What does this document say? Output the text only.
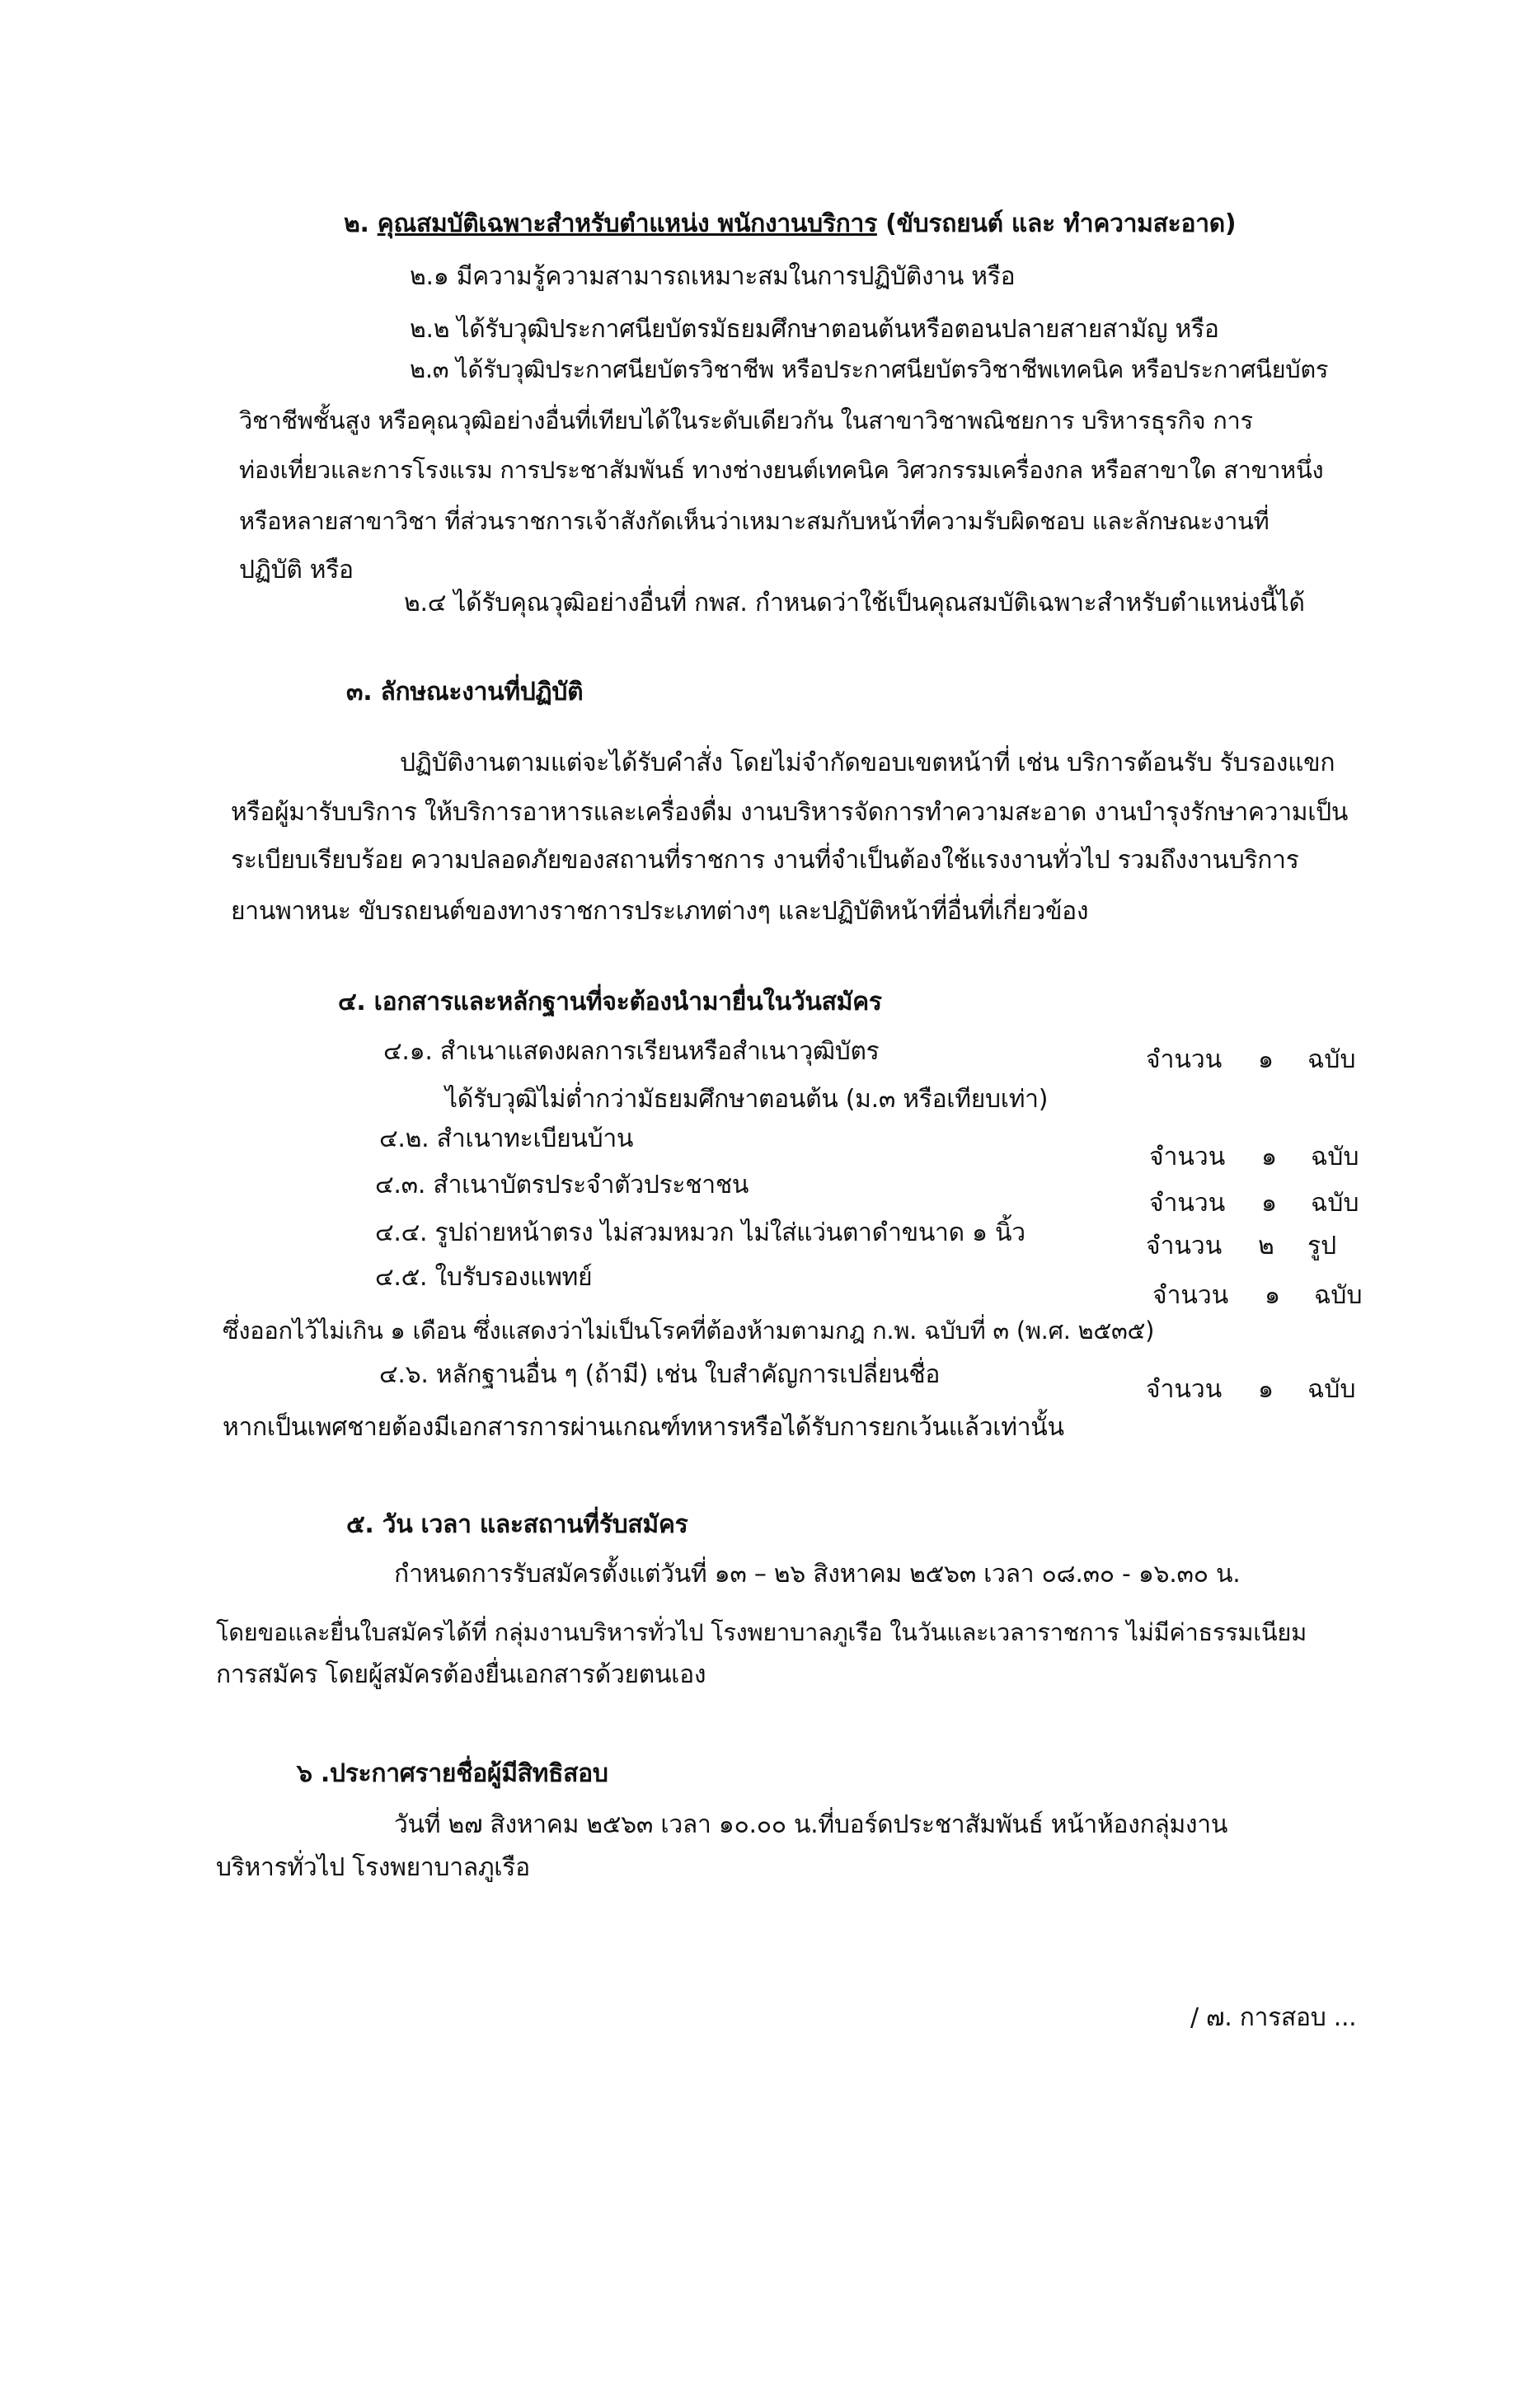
๒. คุณสมบัติเฉพาะสำหรับตำแหน่ง พนักงานบริการ (ขับรถยนต์ และ ทำความสะอาด)
๒.๑ มีความรู้ความสามารถเหมาะสมในการปฏิบัติงาน หรือ
๒.๒ ได้รับวุฒิประกาศนียบัตรมัธยมศึกษาตอนต้นหรือตอนปลายสายสามัญ หรือ
๒.๓ ได้รับวุฒิประกาศนียบัตรวิชาชีพ หรือประกาศนียบัตรวิชาชีพเทคนิค หรือประกาศนียบัตร
วิชาชีพชั้นสูง หรือคุณวุฒิอย่างอื่นที่เทียบได้ในระดับเดียวกัน ในสาขาวิชาพณิชยการ บริหารธุรกิจ การ
ท่องเที่ยวและการโรงแรม การประชาสัมพันธ์ ทางช่างยนต์เทคนิค วิศวกรรมเครื่องกล หรือสาขาใด สาขาหนึ่ง
หรือหลายสาขาวิชา ที่ส่วนราชการเจ้าสังกัดเห็นว่าเหมาะสมกับหน้าที่ความรับผิดชอบ และลักษณะงานที่
ปฏิบัติ หรือ
๒.๔ ได้รับคุณวุฒิอย่างอื่นที่ กพส. กำหนดว่าใช้เป็นคุณสมบัติเฉพาะสำหรับตำแหน่งนี้ได้
๓. ลักษณะงานที่ปฏิบัติ
ปฏิบัติงานตามแต่จะได้รับคำสั่ง โดยไม่จำกัดขอบเขตหน้าที่ เช่น บริการต้อนรับ รับรองแขก
หรือผู้มารับบริการ ให้บริการอาหารและเครื่องดื่ม งานบริหารจัดการทำความสะอาด งานบำรุงรักษาความเป็น
ระเบียบเรียบร้อย ความปลอดภัยของสถานที่ราชการ งานที่จำเป็นต้องใช้แรงงานทั่วไป รวมถึงงานบริการ
ยานพาหนะ ขับรถยนต์ของทางราชการประเภทต่างๆ และปฏิบัติหน้าที่อื่นที่เกี่ยวข้อง
๔. เอกสารและหลักฐานที่จะต้องนำมายื่นในวันสมัคร
๔.๑. สำเนาแสดงผลการเรียนหรือสำเนาวุฒิบัตร	จำนวน ๑ ฉบับ
ได้รับวุฒิไม่ต่ำกว่ามัธยมศึกษาตอนต้น (ม.๓ หรือเทียบเท่า)
๔.๒. สำเนาทะเบียนบ้าน
จำนวน ๑ ฉบับ
๔.๓. สำเนาบัตรประจำตัวประชาชน
จำนวน ๑ ฉบับ
๔.๔. รูปถ่ายหน้าตรง ไม่สวมหมวก ไม่ใส่แว่นตาดำขนาด ๑ นิ้ว	จำนวน ๒ รูป
๔.๕. ใบรับรองแพทย์
จำนวน ๑ ฉบับ
ซึ่งออกไว้ไม่เกิน ๑ เดือน ซึ่งแสดงว่าไม่เป็นโรคที่ต้องห้ามตามกฎ ก.พ. ฉบับที่ ๓ (พ.ศ. ๒๕๓๕)
๔.๖. หลักฐานอื่น ๆ (ถ้ามี) เช่น ใบสำคัญการเปลี่ยนชื่อ
จำนวน ๑ ฉบับ
หากเป็นเพศชายต้องมีเอกสารการผ่านเกณฑ์ทหารหรือได้รับการยกเว้นแล้วเท่านั้น
๕. วัน เวลา และสถานที่รับสมัคร
กำหนดการรับสมัครตั้งแต่วันที่ ๑๓ – ๒๖ สิงหาคม ๒๕๖๓ เวลา ๐๘.๓๐ - ๑๖.๓๐ น.
โดยขอและยื่นใบสมัครได้ที่ กลุ่มงานบริหารทั่วไป โรงพยาบาลภูเรือ ในวันและเวลาราชการ ไม่มีค่าธรรมเนียม
การสมัคร โดยผู้สมัครต้องยื่นเอกสารด้วยตนเอง
๖ .ประกาศรายชื่อผู้มีสิทธิสอบ
วันที่ ๒๗ สิงหาคม ๒๕๖๓ เวลา ๑๐.๐๐ น.ที่บอร์ดประชาสัมพันธ์ หน้าห้องกลุ่มงาน
บริหารทั่วไป โรงพยาบาลภูเรือ
/ ๗. การสอบ ...
